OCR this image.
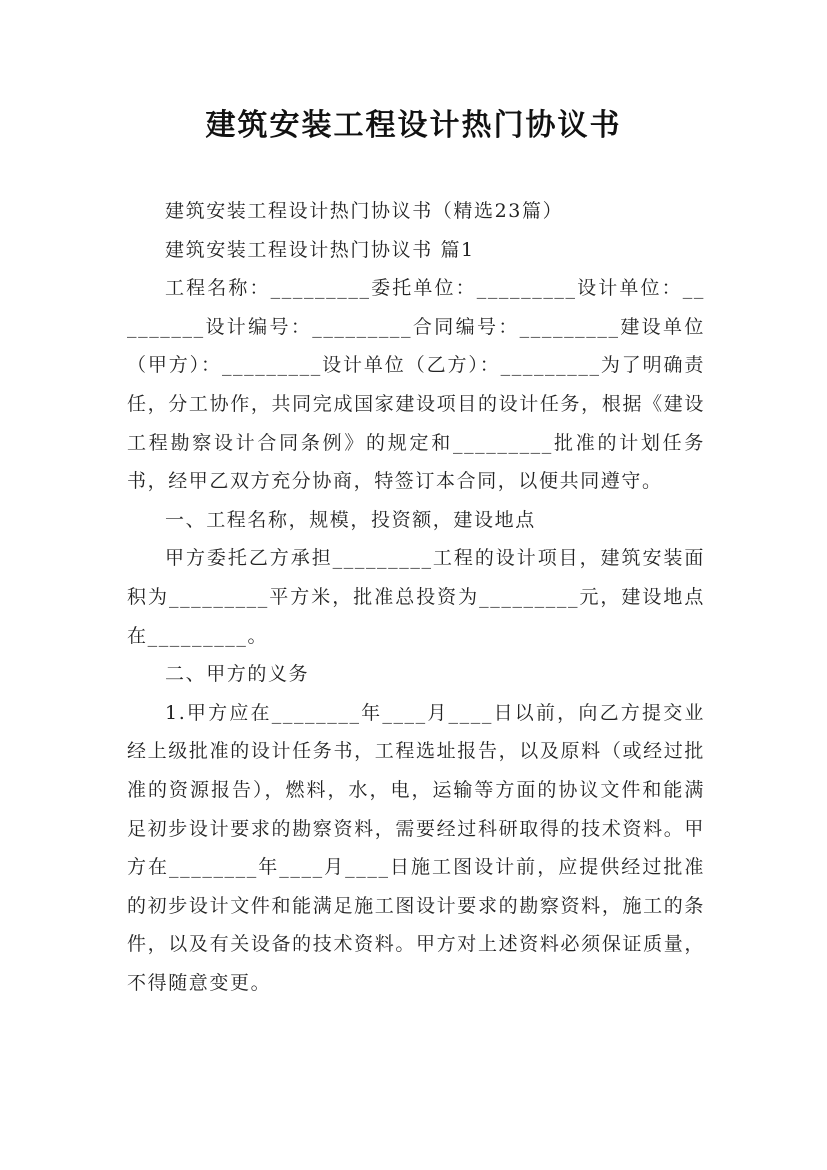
建筑安装工程设计热门协议书

建筑安装工程设计热门协议书（精选23篇）

建筑安装工程设计热门协议书 篇1

工程名称：_________委托单位：_________设计单位：_________设计编号：_________合同编号：_________建设单位（甲方）：_________设计单位（乙方）：_________为了明确责任，分工协作，共同完成国家建设项目的设计任务，根据《建设工程勘察设计合同条例》的规定和_________批准的计划任务书，经甲乙双方充分协商，特签订本合同，以便共同遵守。

一、工程名称，规模，投资额，建设地点

甲方委托乙方承担_________工程的设计项目，建筑安装面积为_________平方米，批准总投资为_________元，建设地点在_________。

二、甲方的义务

1.甲方应在________年____月____日以前，向乙方提交业经上级批准的设计任务书，工程选址报告，以及原料（或经过批准的资源报告），燃料，水，电，运输等方面的协议文件和能满足初步设计要求的勘察资料，需要经过科研取得的技术资料。甲方在________年____月____日施工图设计前，应提供经过批准的初步设计文件和能满足施工图设计要求的勘察资料，施工的条件，以及有关设备的技术资料。甲方对上述资料必须保证质量，不得随意变更。
